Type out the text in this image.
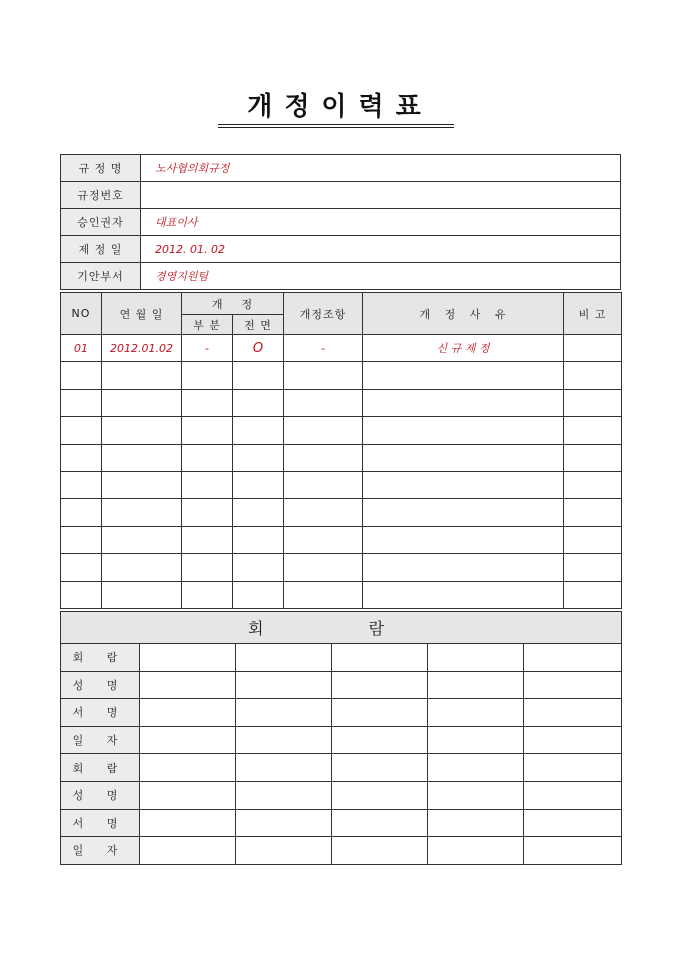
개정이력표
규 정 명	노사협의회규정
규정번호	
승인권자	대표이사
제 정 일	2012. 01. 02
기안부서	경영지원팀
NO	연 월 일	개    정		개정조항	개   정   사   유	비 고
		부 분	전 면			
01	2012.01.02	-	O	-	신 규 제 정	

회 람					
회 람					
성 명					
서 명					
일 자					
회 람					
성 명					
서 명					
일 자					
